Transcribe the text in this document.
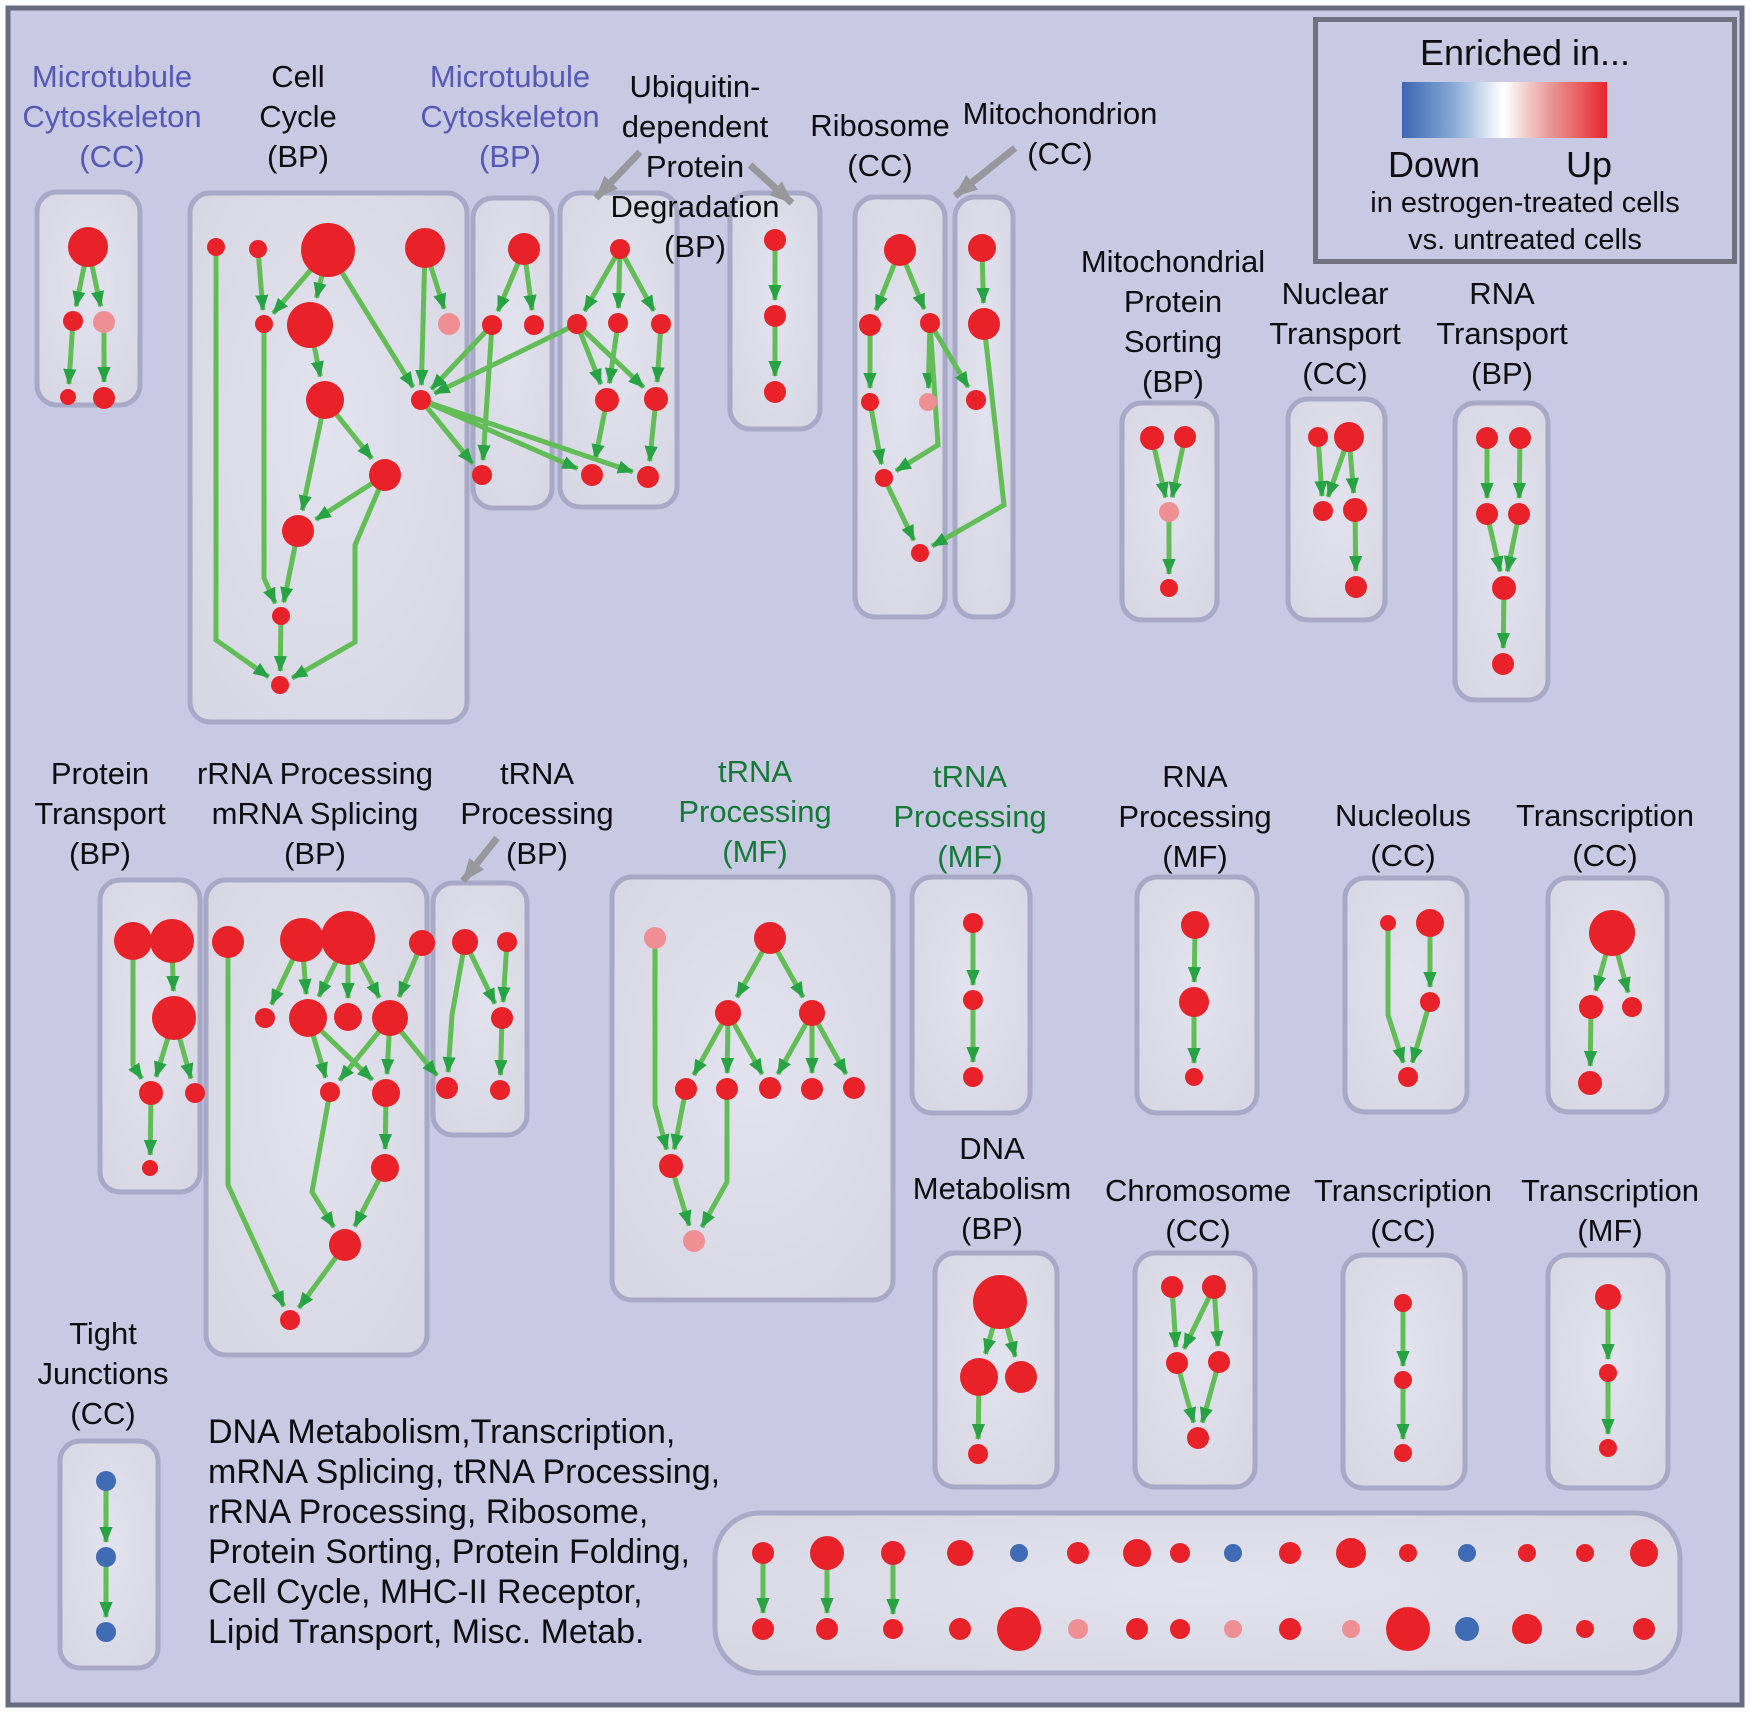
Microtubule
Cytoskeleton
(CC)
Cell
Cycle
(BP)
Microtubule
Cytoskeleton
(BP)
Ubiquitin-
dependent
Protein
Degradation
(BP)
Ribosome
(CC)
Mitochondrion
(CC)
Mitochondrial
Protein
Sorting
(BP)
Nuclear
Transport
(CC)
RNA
Transport
(BP)
Protein
Transport
(BP)
rRNA Processing
mRNA Splicing
(BP)
tRNA
Processing
(BP)
tRNA
Processing
(MF)
tRNA
Processing
(MF)
RNA
Processing
(MF)
Nucleolus
(CC)
Transcription
(CC)
DNA
Metabolism
(BP)
Chromosome
(CC)
Transcription
(CC)
Transcription
(MF)
Tight
Junctions
(CC)
Enriched in...
Down Up
in estrogen-treated cells
vs. untreated cells
DNA Metabolism,Transcription,
mRNA Splicing, tRNA Processing,
rRNA Processing, Ribosome,
Protein Sorting, Protein Folding,
Cell Cycle, MHC-II Receptor,
Lipid Transport, Misc. Metab.
